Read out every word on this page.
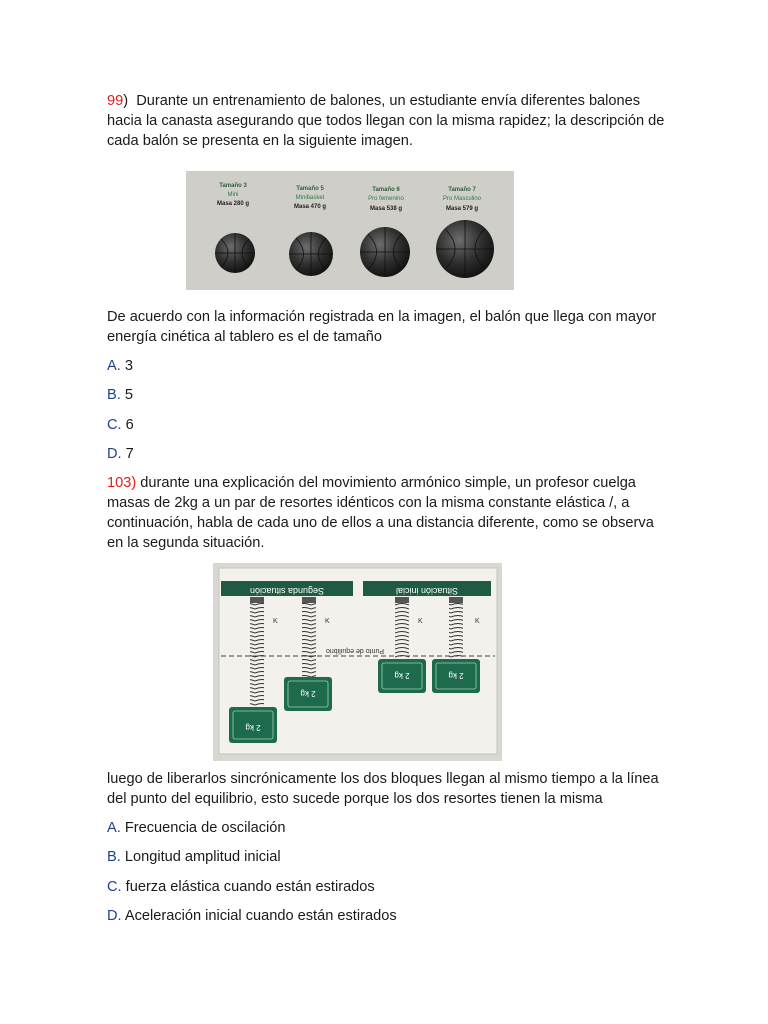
99)  Durante un entrenamiento de balones, un estudiante envía diferentes balones hacia la canasta asegurando que todos llegan con la misma rapidez; la descripción de cada balón se presenta en la siguiente imagen.

Tamaño 3
Mini
Masa 280 g
Tamaño 5
Minibasket
Masa 470 g
Tamaño 6
Pro femenino
Masa 538 g
Tamaño 7
Pro Masculino
Masa 579 g

De acuerdo con la información registrada en la imagen, el balón que llega con mayor energía cinética al tablero es el de tamaño

A. 3

B. 5

C. 6

D. 7

103) durante una explicación del movimiento armónico simple, un profesor cuelga masas de 2kg a un par de resortes idénticos con la misma constante elástica /, a continuación, habla de cada uno de ellos a una distancia diferente, como se observa en la segunda situación.

Segunda situación	Situación inicial
K	K	K	K
Punto de equilibrio
2 kg
2 kg
2 kg	2 kg

luego de liberarlos sincrónicamente los dos bloques llegan al mismo tiempo a la línea del punto del equilibrio, esto sucede porque los dos resortes tienen la misma

A. Frecuencia de oscilación

B. Longitud amplitud inicial

C. fuerza elástica cuando están estirados

D. Aceleración inicial cuando están estirados
